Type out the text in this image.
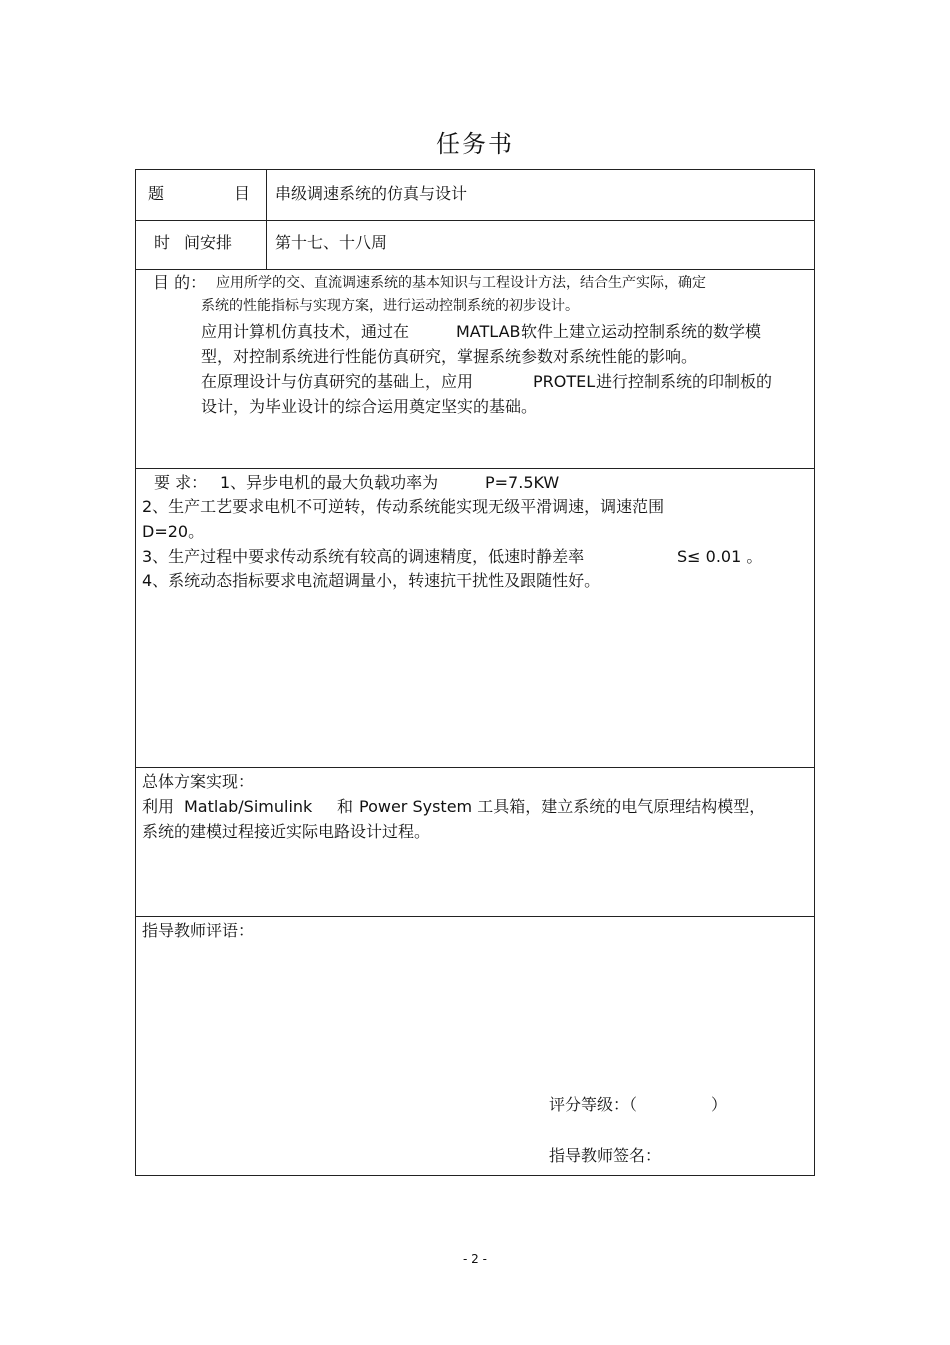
任务书
题	目 串级调速系统的仿真与设计
时 间安排	第十七、十八周
目 的： 应用所学的交、直流调速系统的基本知识与工程设计方法，结合生产实际，确定
系统的性能指标与实现方案，进行运动控制系统的初步设计。
应用计算机仿真技术，通过在	MATLAB 软件上建立运动控制系统的数学模
型，对控制系统进行性能仿真研究，掌握系统参数对系统性能的影响。
在原理设计与仿真研究的基础上，应用	PROTEL 进行控制系统的印制板的
设计，为毕业设计的综合运用奠定坚实的基础。
要 求： 1、异步电机的最大负载功率为	P=7.5KW
2、生产工艺要求电机不可逆转，传动系统能实现无级平滑调速，调速范围
D=20。
3、生产过程中要求传动系统有较高的调速精度，低速时静差率	S≤ 0.01 。
4、系统动态指标要求电流超调量小，转速抗干扰性及跟随性好。
总体方案实现：
利用 Matlab/Simulink 和 Power System 工具箱，建立系统的电气原理结构模型，
系统的建模过程接近实际电路设计过程。
指导教师评语：
评分等级：（	）
指导教师签名：
- 2 -
